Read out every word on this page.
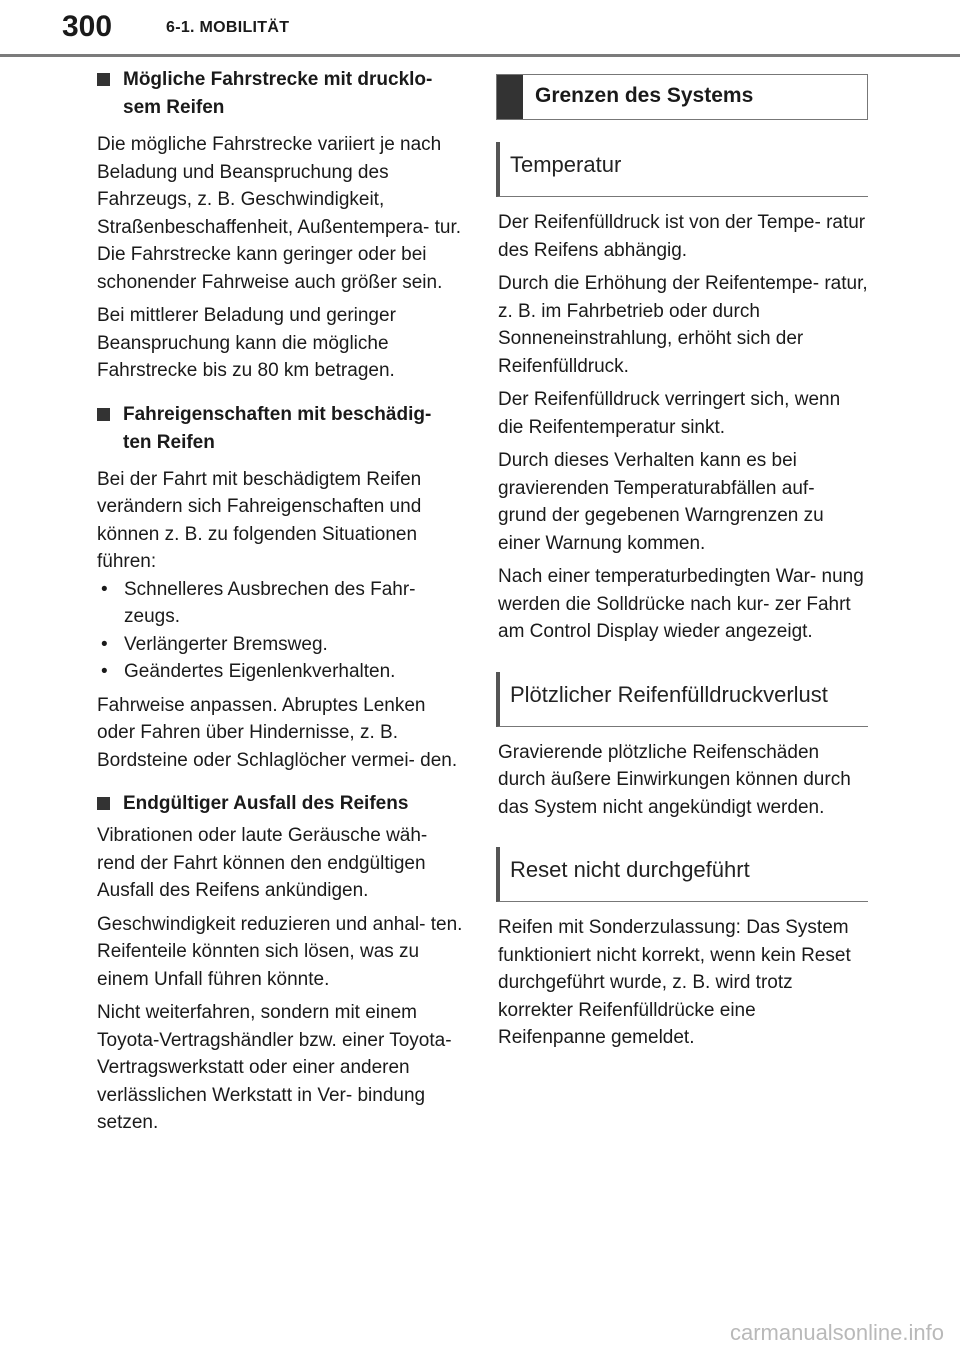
300	6-1. MOBILITÄT
Mögliche Fahrstrecke mit drucklo- sem Reifen

Die mögliche Fahrstrecke variiert je nach Beladung und Beanspruchung des Fahrzeugs, z. B. Geschwindigkeit, Straßenbeschaffenheit, Außentempera- tur. Die Fahrstrecke kann geringer oder bei schonender Fahrweise auch größer sein.

Bei mittlerer Beladung und geringer Beanspruchung kann die mögliche Fahrstrecke bis zu 80 km betragen.

Fahreigenschaften mit beschädig- ten Reifen

Bei der Fahrt mit beschädigtem Reifen verändern sich Fahreigenschaften und können z. B. zu folgenden Situationen führen:

• Schnelleres Ausbrechen des Fahr- zeugs.
• Verlängerter Bremsweg.
• Geändertes Eigenlenkverhalten.

Fahrweise anpassen. Abruptes Lenken oder Fahren über Hindernisse, z. B. Bordsteine oder Schlaglöcher vermei- den.

Endgültiger Ausfall des Reifens

Vibrationen oder laute Geräusche wäh- rend der Fahrt können den endgültigen Ausfall des Reifens ankündigen.

Geschwindigkeit reduzieren und anhal- ten. Reifenteile könnten sich lösen, was zu einem Unfall führen könnte.

Nicht weiterfahren, sondern mit einem Toyota-Vertragshändler bzw. einer Toyota-Vertragswerkstatt oder einer anderen verlässlichen Werkstatt in Ver- bindung setzen.

Grenzen des Systems
Temperatur

Der Reifenfülldruck ist von der Tempe- ratur des Reifens abhängig.

Durch die Erhöhung der Reifentempe- ratur, z. B. im Fahrbetrieb oder durch Sonneneinstrahlung, erhöht sich der Reifenfülldruck.

Der Reifenfülldruck verringert sich, wenn die Reifentemperatur sinkt.

Durch dieses Verhalten kann es bei gravierenden Temperaturabfällen auf- grund der gegebenen Warngrenzen zu einer Warnung kommen.

Nach einer temperaturbedingten War- nung werden die Solldrücke nach kur- zer Fahrt am Control Display wieder angezeigt.

Plötzlicher Reifenfülldruckverlust

Gravierende plötzliche Reifenschäden durch äußere Einwirkungen können durch das System nicht angekündigt werden.

Reset nicht durchgeführt

Reifen mit Sonderzulassung: Das System funktioniert nicht korrekt, wenn kein Reset durchgeführt wurde, z. B. wird trotz korrekter Reifenfülldrücke eine Reifenpanne gemeldet.

carmanualsonline.info
